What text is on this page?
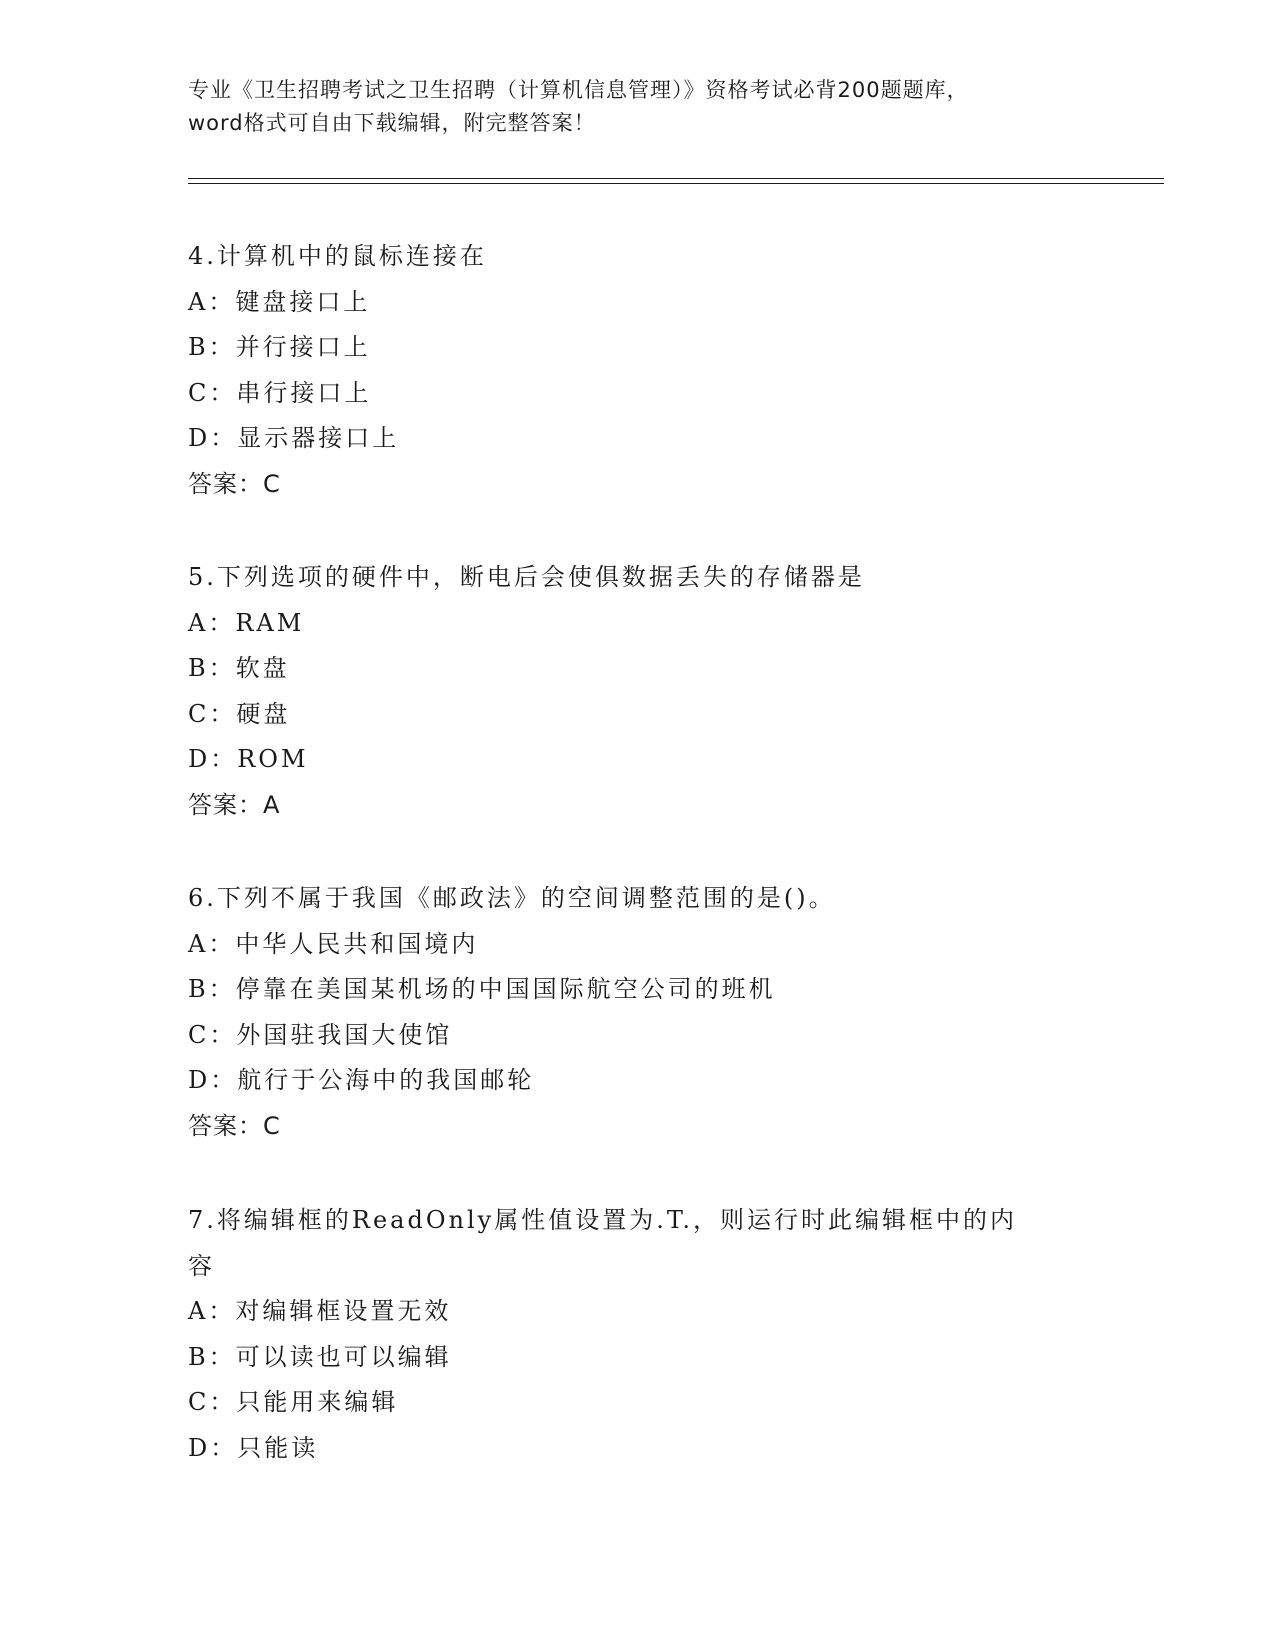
专业《卫生招聘考试之卫生招聘（计算机信息管理）》资格考试必背200题题库，
word格式可自由下载编辑，附完整答案！
4.计算机中的鼠标连接在
A：键盘接口上
B：并行接口上
C：串行接口上
D：显示器接口上
答案：C
5.下列选项的硬件中，断电后会使俱数据丢失的存储器是
A：RAM
B：软盘
C：硬盘
D：ROM
答案：A
6.下列不属于我国《邮政法》的空间调整范围的是()。
A：中华人民共和国境内
B：停靠在美国某机场的中国国际航空公司的班机
C：外国驻我国大使馆
D：航行于公海中的我国邮轮
答案：C
7.将编辑框的ReadOnly属性值设置为.T.，则运行时此编辑框中的内
容
A：对编辑框设置无效
B：可以读也可以编辑
C：只能用来编辑
D：只能读
